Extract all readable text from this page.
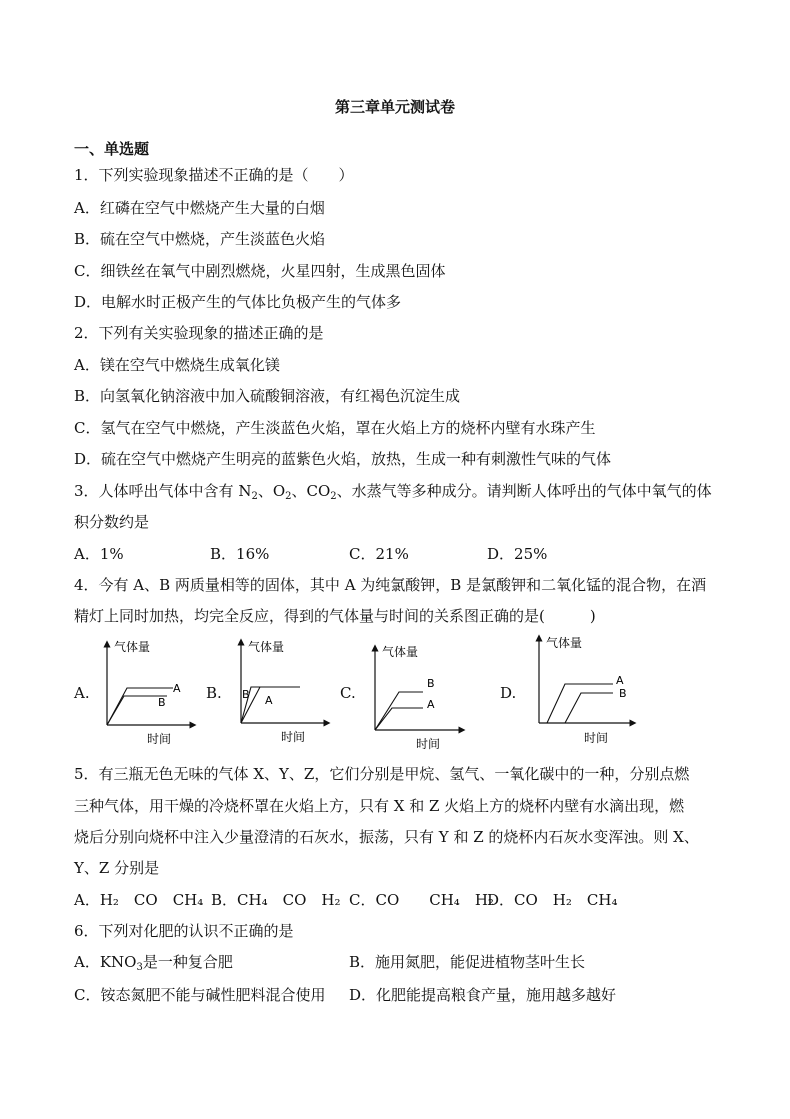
第三章单元测试卷
一、单选题
1．下列实验现象描述不正确的是（　　）
A．红磷在空气中燃烧产生大量的白烟
B．硫在空气中燃烧，产生淡蓝色火焰
C．细铁丝在氧气中剧烈燃烧，火星四射，生成黑色固体
D．电解水时正极产生的气体比负极产生的气体多
2．下列有关实验现象的描述正确的是
A．镁在空气中燃烧生成氧化镁
B．向氢氧化钠溶液中加入硫酸铜溶液，有红褐色沉淀生成
C．氢气在空气中燃烧，产生淡蓝色火焰，罩在火焰上方的烧杯内壁有水珠产生
D．硫在空气中燃烧产生明亮的蓝紫色火焰，放热，生成一种有刺激性气味的气体
3．人体呼出气体中含有 $N_2$、$O_2$、$CO_2$、水蒸气等多种成分。请判断人体呼出的气体中氧气的体
积分数约是
A．1%	B．16%	C．21%	D．25%
4．今有 A、B 两质量相等的固体，其中 A 为纯氯酸钾，B 是氯酸钾和二氧化锰的混合物，在酒
精灯上同时加热，均完全反应，得到的气体量与时间的关系图正确的是(　　　)
A.	B.	C.	D.
气体量
时间
A
B
气体量
时间
B A
气体量
时间
B
A
气体量
时间
A
B
5．有三瓶无色无味的气体 X、Y、Z，它们分别是甲烷、氢气、一氧化碳中的一种，分别点燃
三种气体，用干燥的冷烧杯罩在火焰上方，只有 X 和 Z 火焰上方的烧杯内壁有水滴出现，燃
烧后分别向烧杯中注入少量澄清的石灰水，振荡，只有 Y 和 Z 的烧杯内石灰水变浑浊。则 X、
Y、Z 分别是
A．H₂　CO　CH₄ B．CH₄　CO　H₂ C．CO　　CH₄　H₂
D．CO　H₂　CH₄
6．下列对化肥的认识不正确的是
A．$KNO_3$是一种复合肥	B．施用氮肥，能促进植物茎叶生长
C．铵态氮肥不能与碱性肥料混合使用 D．化肥能提高粮食产量，施用越多越好
